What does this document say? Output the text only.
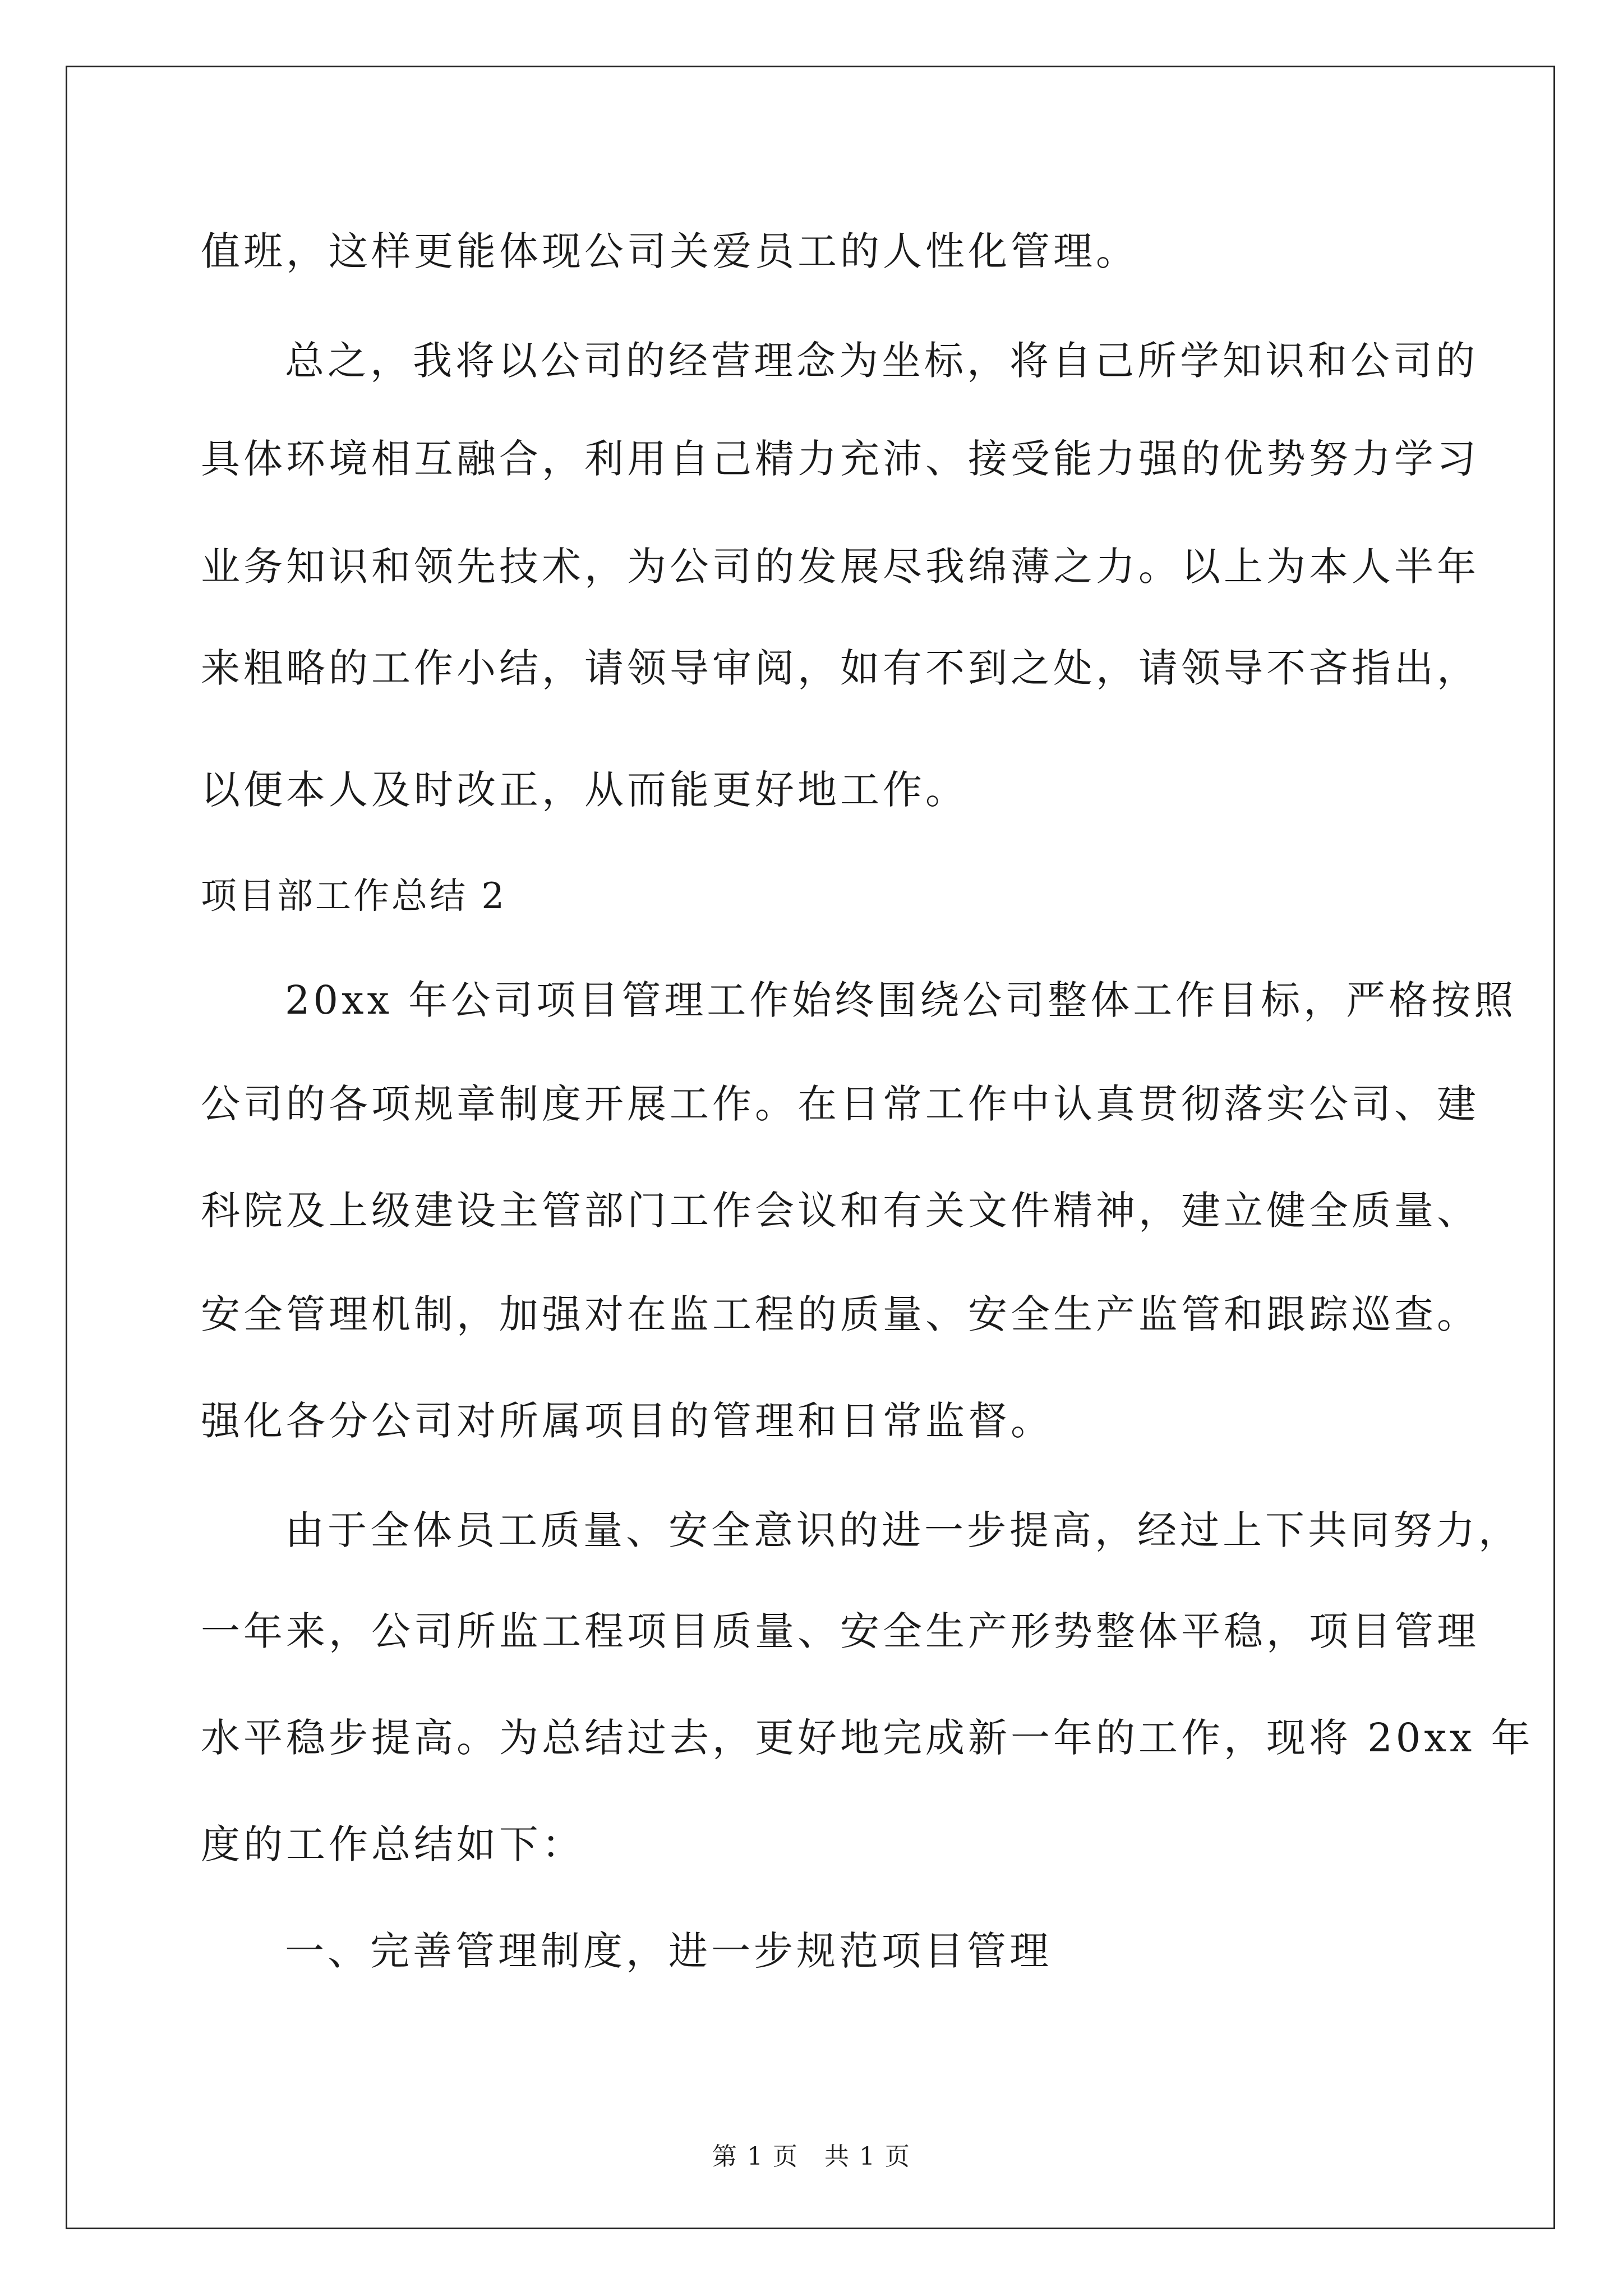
值班，这样更能体现公司关爱员工的人性化管理。
总之，我将以公司的经营理念为坐标，将自己所学知识和公司的
具体环境相互融合，利用自己精力充沛、接受能力强的优势努力学习
业务知识和领先技术，为公司的发展尽我绵薄之力。以上为本人半年
来粗略的工作小结，请领导审阅，如有不到之处，请领导不吝指出，
以便本人及时改正，从而能更好地工作。
项目部工作总结 2
20xx 年公司项目管理工作始终围绕公司整体工作目标，严格按照
公司的各项规章制度开展工作。在日常工作中认真贯彻落实公司、建
科院及上级建设主管部门工作会议和有关文件精神，建立健全质量、
安全管理机制，加强对在监工程的质量、安全生产监管和跟踪巡查。
强化各分公司对所属项目的管理和日常监督。
由于全体员工质量、安全意识的进一步提高，经过上下共同努力，
一年来，公司所监工程项目质量、安全生产形势整体平稳，项目管理
水平稳步提高。为总结过去，更好地完成新一年的工作，现将 20xx 年
度的工作总结如下：
一、完善管理制度，进一步规范项目管理
第 1 页　共 1 页
